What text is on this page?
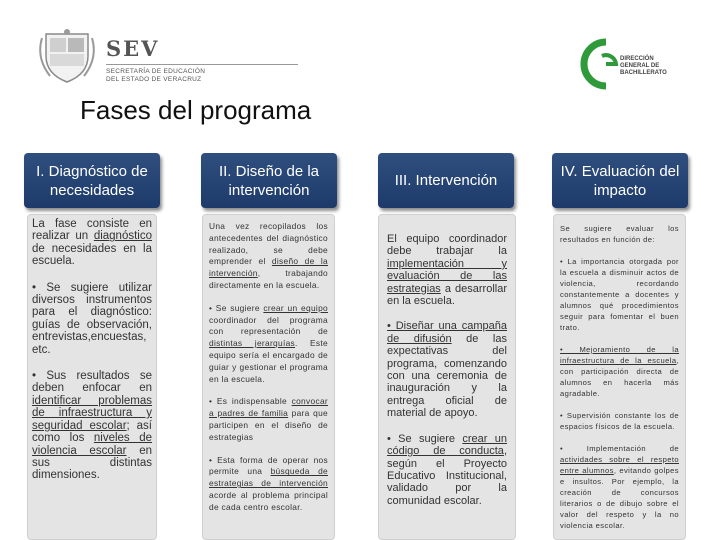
SEV
SECRETARÍA DE EDUCACIÓN
DEL ESTADO DE VERACRUZ
DIRECCIÓN
GENERAL DE
BACHILLERATO
Fases del programa
I. Diagnóstico de necesidades
II. Diseño de la intervención
III. Intervención
IV. Evaluación del impacto

La fase consiste en realizar un diagnóstico de necesidades en la escuela.

• Se sugiere utilizar diversos instrumentos para el diagnóstico: guías de observación, entrevistas,encuestas, etc.

• Sus resultados se deben enfocar en identificar problemas de infraestructura y seguridad escolar; así como los niveles de violencia escolar en sus distintas dimensiones.

Una vez recopilados los antecedentes del diagnóstico realizado, se debe emprender el diseño de la intervención, trabajando directamente en la escuela.

• Se sugiere crear un equipo coordinador del programa con representación de distintas jerarquías. Este equipo sería el encargado de guiar y gestionar el programa en la escuela.

• Es indispensable convocar a padres de familia para que participen en el diseño de estrategias

• Esta forma de operar nos permite una búsqueda de estrategias de intervención acorde al problema principal de cada centro escolar.

El equipo coordinador debe trabajar la implementación y evaluación de las estrategias a desarrollar en la escuela.

• Diseñar una campaña de difusión de las expectativas del programa, comenzando con una ceremonia de inauguración y la entrega oficial de material de apoyo.

• Se sugiere crear un código de conducta, según el Proyecto Educativo Institucional, validado por la comunidad escolar.

Se sugiere evaluar los resultados en función de:

• La importancia otorgada por la escuela a disminuir actos de violencia, recordando constantemente a docentes y alumnos qué procedimientos seguir para fomentar el buen trato.

• Mejoramiento de la infraestructura de la escuela, con participación directa de alumnos en hacerla más agradable.

• Supervisión constante los de espacios físicos de la escuela.

• Implementación de actividades sobre el respeto entre alumnos, evitando golpes e insultos. Por ejemplo, la creación de concursos literarios o de dibujo sobre el valor del respeto y la no violencia escolar.
